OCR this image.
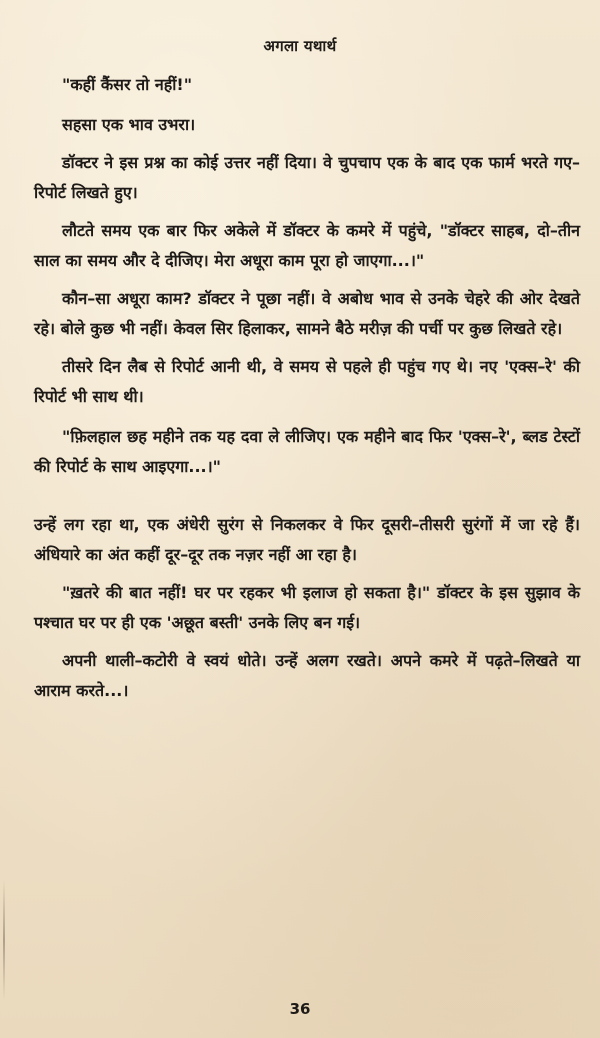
अगला यथार्थ

"कहीं कैंसर तो नहीं!"

सहसा एक भाव उभरा।

डॉक्टर ने इस प्रश्न का कोई उत्तर नहीं दिया। वे चुपचाप एक के बाद एक फार्म भरते गए–रिपोर्ट लिखते हुए।

लौटते समय एक बार फिर अकेले में डॉक्टर के कमरे में पहुंचे, "डॉक्टर साहब, दो–तीन साल का समय और दे दीजिए। मेरा अधूरा काम पूरा हो जाएगा...।"

कौन–सा अधूरा काम? डॉक्टर ने पूछा नहीं। वे अबोध भाव से उनके चेहरे की ओर देखते रहे। बोले कुछ भी नहीं। केवल सिर हिलाकर, सामने बैठे मरीज़ की पर्ची पर कुछ लिखते रहे।

तीसरे दिन लैब से रिपोर्ट आनी थी, वे समय से पहले ही पहुंच गए थे। नए 'एक्स–रे' की रिपोर्ट भी साथ थी।

"फ़िलहाल छह महीने तक यह दवा ले लीजिए। एक महीने बाद फिर 'एक्स–रे', ब्लड टेस्टों की रिपोर्ट के साथ आइएगा...।"

उन्हें लग रहा था, एक अंधेरी सुरंग से निकलकर वे फिर दूसरी–तीसरी सुरंगों में जा रहे हैं। अंधियारे का अंत कहीं दूर–दूर तक नज़र नहीं आ रहा है।

"ख़तरे की बात नहीं! घर पर रहकर भी इलाज हो सकता है।" डॉक्टर के इस सुझाव के पश्चात घर पर ही एक 'अछूत बस्ती' उनके लिए बन गई।

अपनी थाली–कटोरी वे स्वयं धोते। उन्हें अलग रखते। अपने कमरे में पढ़ते–लिखते या आराम करते...।

36
